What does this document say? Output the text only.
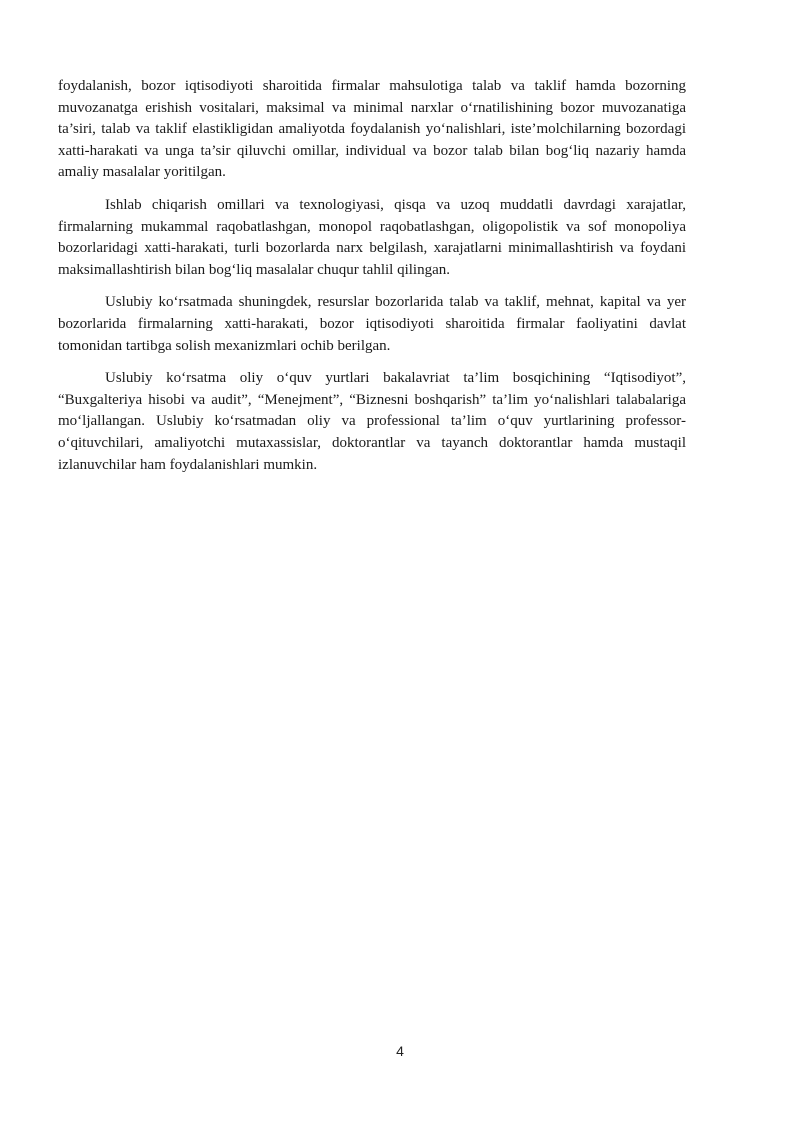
foydalanish, bozor iqtisodiyoti sharoitida firmalar mahsulotiga talab va taklif hamda bozorning muvozanatga erishish vositalari, maksimal va minimal narxlar o‘rnatilishining bozor muvozanatiga ta’siri, talab va taklif elastikligidan amaliyotda foydalanish yo‘nalishlari, iste’molchilarning bozordagi xatti-harakati va unga ta’sir qiluvchi omillar, individual va bozor talab bilan bog‘liq nazariy hamda amaliy masalalar yoritilgan.

Ishlab chiqarish omillari va texnologiyasi, qisqa va uzoq muddatli davrdagi xarajatlar, firmalarning mukammal raqobatlashgan, monopol raqobatlashgan, oligopolistik va sof monopoliya bozorlaridagi xatti-harakati, turli bozorlarda narx belgilash, xarajatlarni minimallashtirish va foydani maksimallashtirish bilan bog‘liq masalalar chuqur tahlil qilingan.

Uslubiy ko‘rsatmada shuningdek, resurslar bozorlarida talab va taklif, mehnat, kapital va yer bozorlarida firmalarning xatti-harakati, bozor iqtisodiyoti sharoitida firmalar faoliyatini davlat tomonidan tartibga solish mexanizmlari ochib berilgan.

Uslubiy ko‘rsatma oliy o‘quv yurtlari bakalavriat ta’lim bosqichining “Iqtisodiyot”, “Buxgalteriya hisobi va audit”, “Menejment”, “Biznesni boshqarish” ta’lim yo‘nalishlari talabalariga mo‘ljallangan. Uslubiy ko‘rsatmadan oliy va professional ta’lim o‘quv yurtlarining professor-o‘qituvchilari, amaliyotchi mutaxassislar, doktorantlar va tayanch doktorantlar hamda mustaqil izlanuvchilar ham foydalanishlari mumkin.

4
